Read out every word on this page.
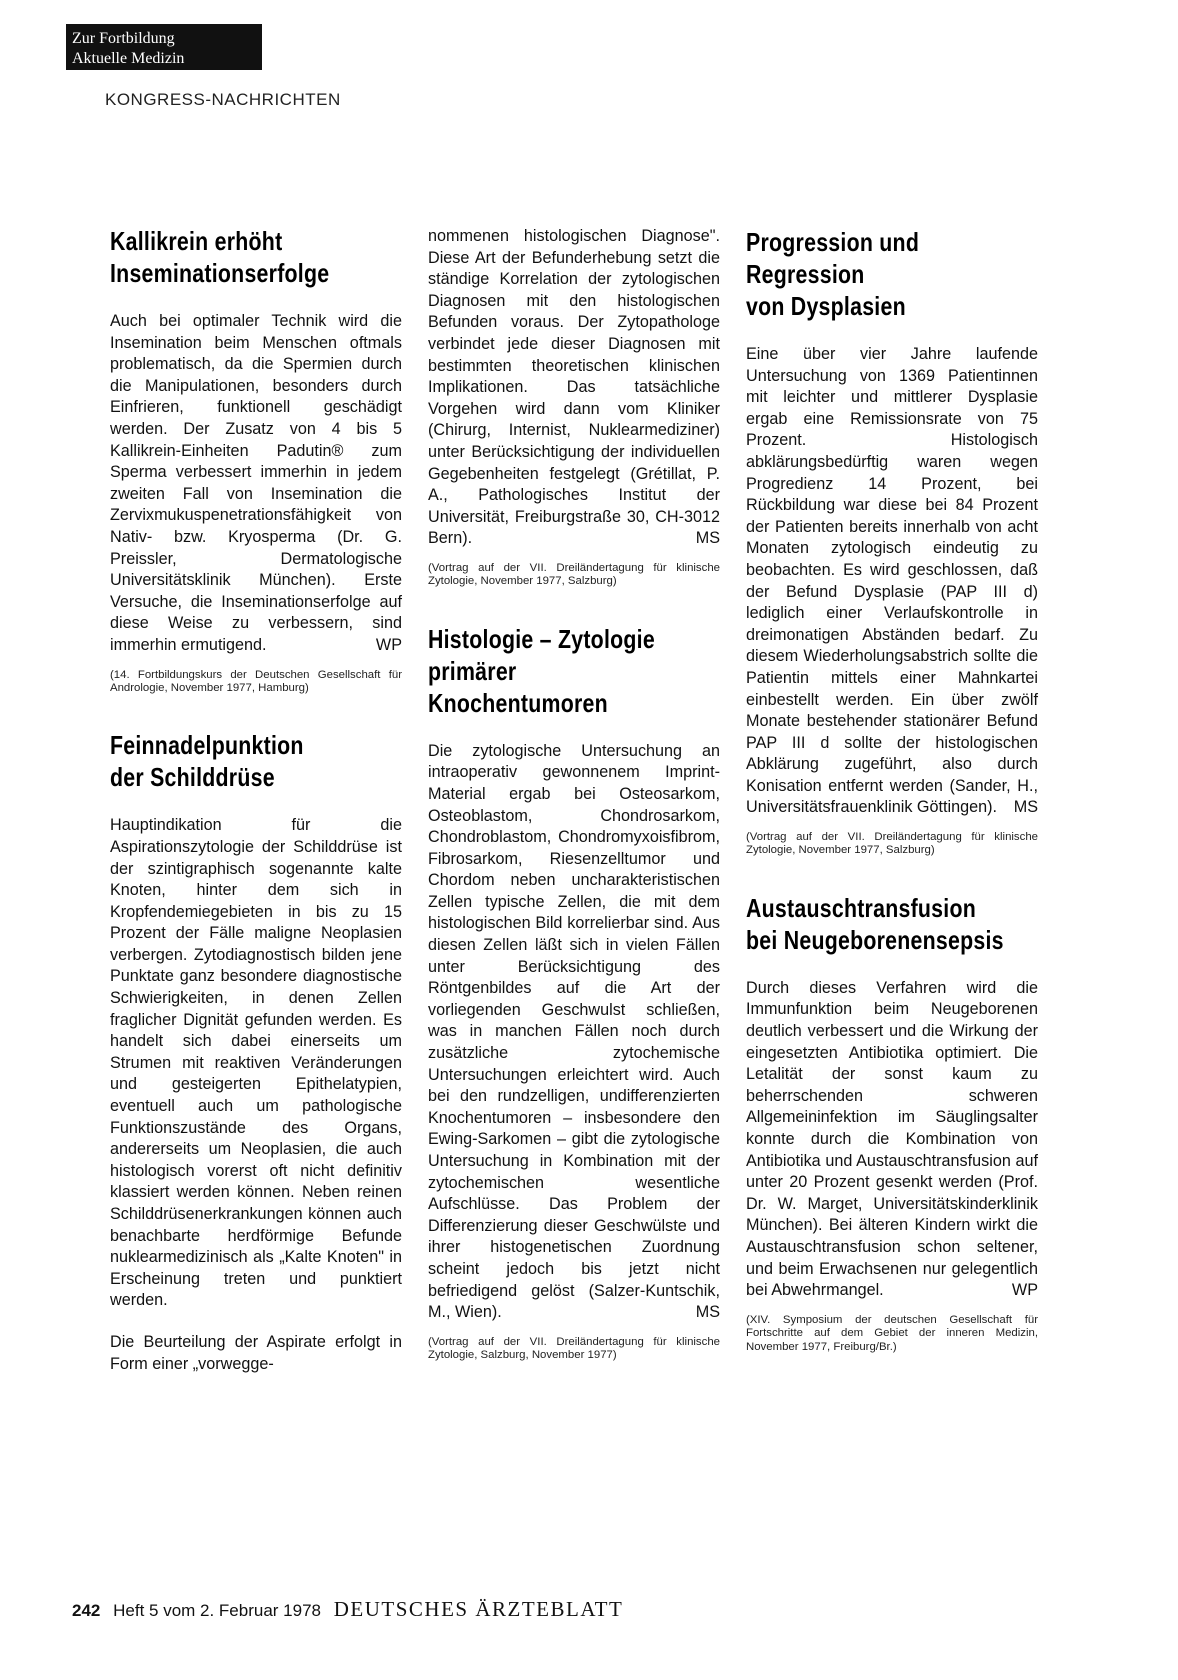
Zur Fortbildung
Aktuelle Medizin
KONGRESS-NACHRICHTEN
Kallikrein erhöht
Inseminationserfolge

Auch bei optimaler Technik wird die Insemination beim Menschen oftmals problematisch, da die Spermien durch die Manipulationen, besonders durch Einfrieren, funktionell geschädigt werden. Der Zusatz von 4 bis 5 Kallikrein-Einheiten Padutin® zum Sperma verbessert immerhin in jedem zweiten Fall von Insemination die Zervixmukuspenetrationsfähigkeit von Nativ- bzw. Kryosperma (Dr. G. Preissler, Dermatologische Universitätsklinik München). Erste Versuche, die Inseminationserfolge auf diese Weise zu verbessern, sind immerhin ermutigend.	WP

(14. Fortbildungskurs der Deutschen Gesellschaft für Andrologie, November 1977, Hamburg)

Feinnadelpunktion
der Schilddrüse

Hauptindikation für die Aspirationszytologie der Schilddrüse ist der szintigraphisch sogenannte kalte Knoten, hinter dem sich in Kropfendemiegebieten in bis zu 15 Prozent der Fälle maligne Neoplasien verbergen. Zytodiagnostisch bilden jene Punktate ganz besondere diagnostische Schwierigkeiten, in denen Zellen fraglicher Dignität gefunden werden. Es handelt sich dabei einerseits um Strumen mit reaktiven Veränderungen und gesteigerten Epithelatypien, eventuell auch um pathologische Funktionszustände des Organs, andererseits um Neoplasien, die auch histologisch vorerst oft nicht definitiv klassiert werden können. Neben reinen Schilddrüsenerkrankungen können auch benachbarte herdförmige Befunde nuklearmedizinisch als „Kalte Knoten" in Erscheinung treten und punktiert werden.

Die Beurteilung der Aspirate erfolgt in Form einer „vorwegge-

nommenen histologischen Diagnose". Diese Art der Befunderhebung setzt die ständige Korrelation der zytologischen Diagnosen mit den histologischen Befunden voraus. Der Zytopathologe verbindet jede dieser Diagnosen mit bestimmten theoretischen klinischen Implikationen. Das tatsächliche Vorgehen wird dann vom Kliniker (Chirurg, Internist, Nuklearmediziner) unter Berücksichtigung der individuellen Gegebenheiten festgelegt (Grétillat, P. A., Pathologisches Institut der Universität, Freiburgstraße 30, CH-3012 Bern).	MS

(Vortrag auf der VII. Dreiländertagung für klinische Zytologie, November 1977, Salzburg)

Histologie – Zytologie
primärer
Knochentumoren

Die zytologische Untersuchung an intraoperativ gewonnenem Imprint-Material ergab bei Osteosarkom, Osteoblastom, Chondrosarkom, Chondroblastom, Chondromyxoisfibrom, Fibrosarkom, Riesenzelltumor und Chordom neben uncharakteristischen Zellen typische Zellen, die mit dem histologischen Bild korrelierbar sind. Aus diesen Zellen läßt sich in vielen Fällen unter Berücksichtigung des Röntgenbildes auf die Art der vorliegenden Geschwulst schließen, was in manchen Fällen noch durch zusätzliche zytochemische Untersuchungen erleichtert wird. Auch bei den rundzelligen, undifferenzierten Knochentumoren – insbesondere den Ewing-Sarkomen – gibt die zytologische Untersuchung in Kombination mit der zytochemischen wesentliche Aufschlüsse. Das Problem der Differenzierung dieser Geschwülste und ihrer histogenetischen Zuordnung scheint jedoch bis jetzt nicht befriedigend gelöst (Salzer-Kuntschik, M., Wien).	MS

(Vortrag auf der VII. Dreiländertagung für klinische Zytologie, Salzburg, November 1977)

Progression und
Regression
von Dysplasien

Eine über vier Jahre laufende Untersuchung von 1369 Patientinnen mit leichter und mittlerer Dysplasie ergab eine Remissionsrate von 75 Prozent. Histologisch abklärungsbedürftig waren wegen Progredienz 14 Prozent, bei Rückbildung war diese bei 84 Prozent der Patienten bereits innerhalb von acht Monaten zytologisch eindeutig zu beobachten. Es wird geschlossen, daß der Befund Dysplasie (PAP III d) lediglich einer Verlaufskontrolle in dreimonatigen Abständen bedarf. Zu diesem Wiederholungsabstrich sollte die Patientin mittels einer Mahnkartei einbestellt werden. Ein über zwölf Monate bestehender stationärer Befund PAP III d sollte der histologischen Abklärung zugeführt, also durch Konisation entfernt werden (Sander, H., Universitätsfrauenklinik Göttingen). MS

(Vortrag auf der VII. Dreiländertagung für klinische Zytologie, November 1977, Salzburg)

Austauschtransfusion
bei Neugeborenensepsis

Durch dieses Verfahren wird die Immunfunktion beim Neugeborenen deutlich verbessert und die Wirkung der eingesetzten Antibiotika optimiert. Die Letalität der sonst kaum zu beherrschenden schweren Allgemeininfektion im Säuglingsalter konnte durch die Kombination von Antibiotika und Austauschtransfusion auf unter 20 Prozent gesenkt werden (Prof. Dr. W. Marget, Universitätskinderklinik München). Bei älteren Kindern wirkt die Austauschtransfusion schon seltener, und beim Erwachsenen nur gelegentlich bei Abwehrmangel.	WP

(XIV. Symposium der deutschen Gesellschaft für Fortschritte auf dem Gebiet der inneren Medizin, November 1977, Freiburg/Br.)

242 Heft 5 vom 2. Februar 1978 DEUTSCHES ÄRZTEBLATT
